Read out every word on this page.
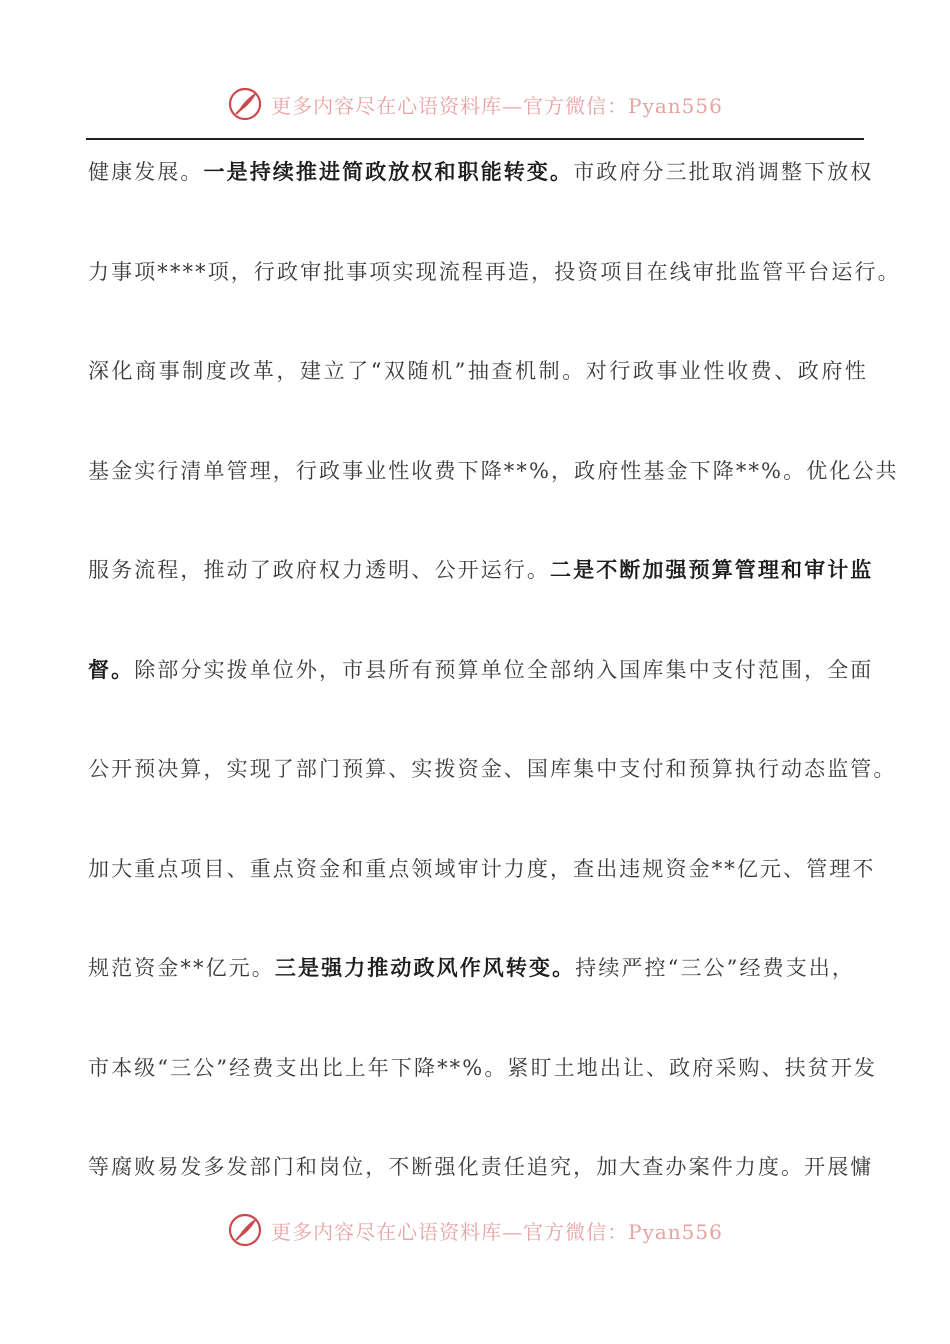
更多内容尽在心语资料库—官方微信：Pyan556
健康发展。一是持续推进简政放权和职能转变。市政府分三批取消调整下放权
力事项****项，行政审批事项实现流程再造，投资项目在线审批监管平台运行。
深化商事制度改革，建立了“双随机”抽查机制。对行政事业性收费、政府性
基金实行清单管理，行政事业性收费下降**%，政府性基金下降**%。优化公共
服务流程，推动了政府权力透明、公开运行。二是不断加强预算管理和审计监
督。除部分实拨单位外，市县所有预算单位全部纳入国库集中支付范围，全面
公开预决算，实现了部门预算、实拨资金、国库集中支付和预算执行动态监管。
加大重点项目、重点资金和重点领域审计力度，查出违规资金**亿元、管理不
规范资金**亿元。三是强力推动政风作风转变。持续严控“三公”经费支出，
市本级“三公”经费支出比上年下降**%。紧盯土地出让、政府采购、扶贫开发
等腐败易发多发部门和岗位，不断强化责任追究，加大查办案件力度。开展慵
更多内容尽在心语资料库—官方微信：Pyan556
